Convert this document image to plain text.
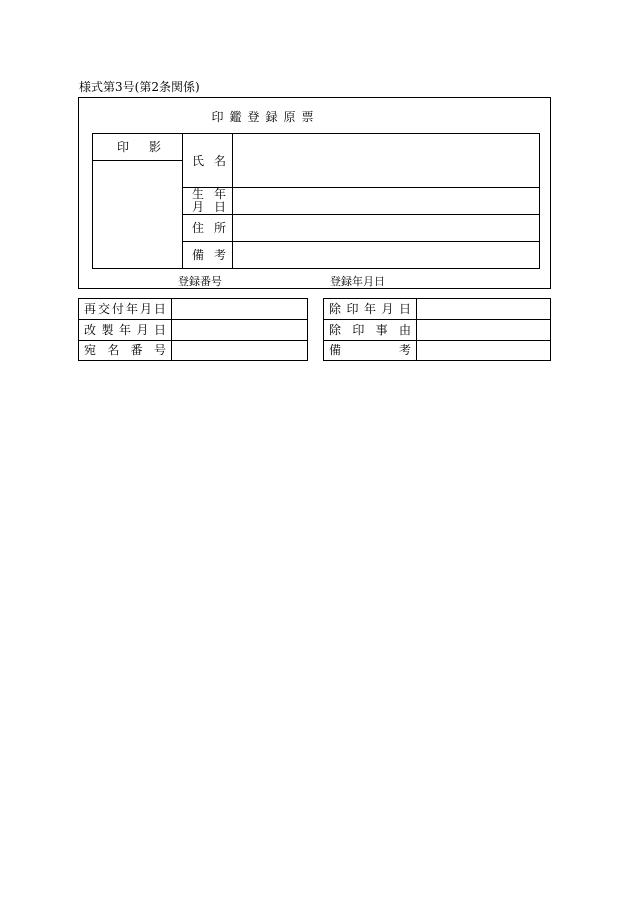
様式第3号(第2条関係)
印鑑登録原票
印 影
氏 名
生 年
月 日
住 所
備 考
登録番号	登録年月日
再 交 付 年 月 日
改 製 年 月 日
宛 名 番 号
除 印 年 月 日
除 印 事 由
備	考
